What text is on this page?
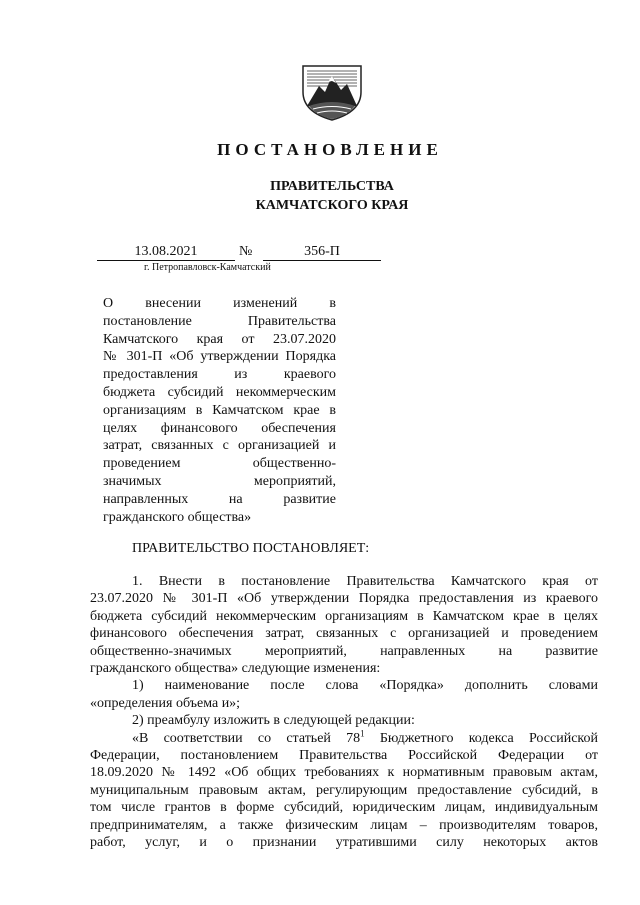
ПОСТАНОВЛЕНИЕ
ПРАВИТЕЛЬСТВА
КАМЧАТСКОГО КРАЯ
13.08.2021	№	356-П
г. Петропавловск-Камчатский
О внесении изменений в
постановление Правительства
Камчатского края от 23.07.2020
№ 301-П «Об утверждении Порядка
предоставления из краевого
бюджета субсидий некоммерческим
организациям в Камчатском крае в
целях финансового обеспечения
затрат, связанных с организацией и
проведением общественно-
значимых мероприятий,
направленных на развитие
гражданского общества»
ПРАВИТЕЛЬСТВО ПОСТАНОВЛЯЕТ:
1. Внести в постановление Правительства Камчатского края от
23.07.2020 № 301-П «Об утверждении Порядка предоставления из краевого
бюджета субсидий некоммерческим организациям в Камчатском крае в целях
финансового обеспечения затрат, связанных с организацией и проведением
общественно-значимых мероприятий, направленных на развитие
гражданского общества» следующие изменения:
1) наименование после слова «Порядка» дополнить словами
«определения объема и»;
2) преамбулу изложить в следующей редакции:
«В соответствии со статьей $78^1$ Бюджетного кодекса Российской
Федерации, постановлением Правительства Российской Федерации от
18.09.2020 № 1492 «Об общих требованиях к нормативным правовым актам,
муниципальным правовым актам, регулирующим предоставление субсидий, в
том числе грантов в форме субсидий, юридическим лицам, индивидуальным
предпринимателям, а также физическим лицам – производителям товаров,
работ, услуг, и о признании утратившими силу некоторых актов
